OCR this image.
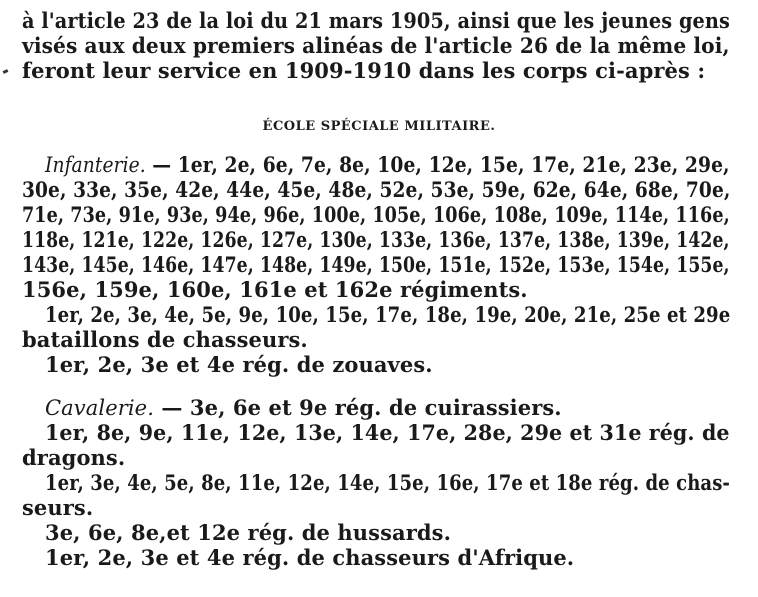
à l'article 23 de la loi du 21 mars 1905, ainsi que les jeunes gens
visés aux deux premiers alinéas de l'article 26 de la même loi,
feront leur service en 1909-1910 dans les corps ci-après :
ÉCOLE SPÉCIALE MILITAIRE.
Infanterie. — 1er, 2e, 6e, 7e, 8e, 10e, 12e, 15e, 17e, 21e, 23e, 29e,
30e, 33e, 35e, 42e, 44e, 45e, 48e, 52e, 53e, 59e, 62e, 64e, 68e, 70e,
71e, 73e, 91e, 93e, 94e, 96e, 100e, 105e, 106e, 108e, 109e, 114e, 116e,
118e, 121e, 122e, 126e, 127e, 130e, 133e, 136e, 137e, 138e, 139e, 142e,
143e, 145e, 146e, 147e, 148e, 149e, 150e, 151e, 152e, 153e, 154e, 155e,
156e, 159e, 160e, 161e et 162e régiments.
1er, 2e, 3e, 4e, 5e, 9e, 10e, 15e, 17e, 18e, 19e, 20e, 21e, 25e et 29e
bataillons de chasseurs.
1er, 2e, 3e et 4e rég. de zouaves.
Cavalerie. — 3e, 6e et 9e rég. de cuirassiers.
1er, 8e, 9e, 11e, 12e, 13e, 14e, 17e, 28e, 29e et 31e rég. de
dragons.
1er, 3e, 4e, 5e, 8e, 11e, 12e, 14e, 15e, 16e, 17e et 18e rég. de chas-
seurs.
3e, 6e, 8e,et 12e rég. de hussards.
1er, 2e, 3e et 4e rég. de chasseurs d'Afrique.
